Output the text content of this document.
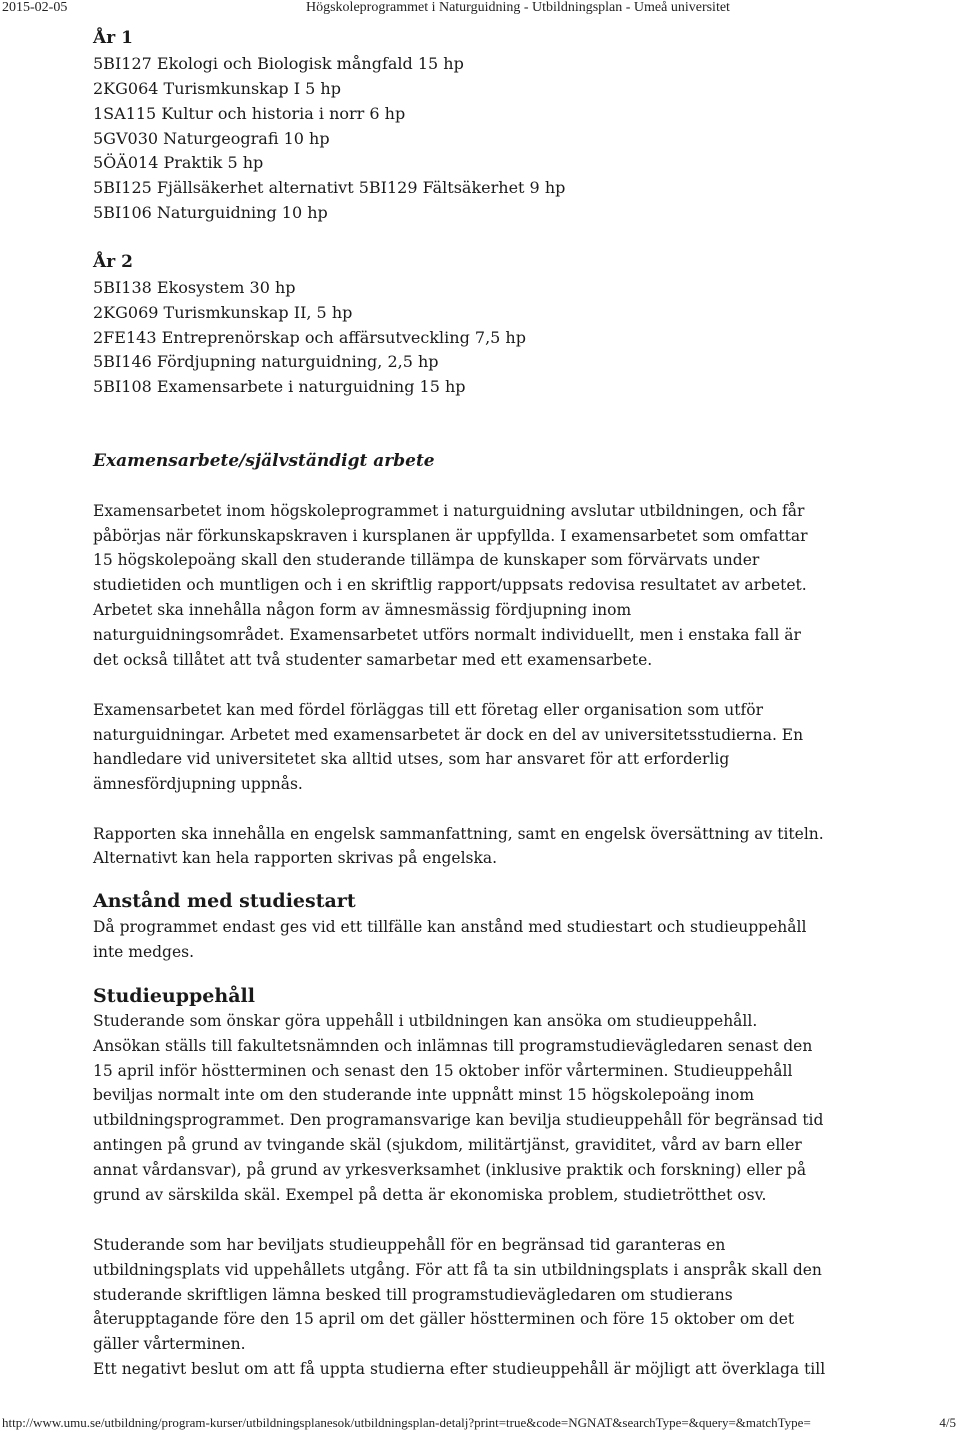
2015-02-05	Högskoleprogrammet i Naturguidning - Utbildningsplan - Umeå universitet
År 1
5BI127 Ekologi och Biologisk mångfald 15 hp
2KG064 Turismkunskap I 5 hp
1SA115 Kultur och historia i norr 6 hp
5GV030 Naturgeografi 10 hp
5ÖÄ014 Praktik 5 hp
5BI125 Fjällsäkerhet alternativt 5BI129 Fältsäkerhet 9 hp
5BI106 Naturguidning 10 hp
År 2
5BI138 Ekosystem 30 hp
2KG069 Turismkunskap II, 5 hp
2FE143 Entreprenörskap och affärsutveckling 7,5 hp
5BI146 Fördjupning naturguidning, 2,5 hp
5BI108 Examensarbete i naturguidning 15 hp
Examensarbete/självständigt arbete
Examensarbetet inom högskoleprogrammet i naturguidning avslutar utbildningen, och får
påbörjas när förkunskapskraven i kursplanen är uppfyllda. I examensarbetet som omfattar
15 högskolepoäng skall den studerande tillämpa de kunskaper som förvärvats under
studietiden och muntligen och i en skriftlig rapport/uppsats redovisa resultatet av arbetet.
Arbetet ska innehålla någon form av ämnesmässig fördjupning inom
naturguidningsområdet. Examensarbetet utförs normalt individuellt, men i enstaka fall är
det också tillåtet att två studenter samarbetar med ett examensarbete.
Examensarbetet kan med fördel förläggas till ett företag eller organisation som utför
naturguidningar. Arbetet med examensarbetet är dock en del av universitetsstudierna. En
handledare vid universitetet ska alltid utses, som har ansvaret för att erforderlig
ämnesfördjupning uppnås.
Rapporten ska innehålla en engelsk sammanfattning, samt en engelsk översättning av titeln.
Alternativt kan hela rapporten skrivas på engelska.
Anstånd med studiestart
Då programmet endast ges vid ett tillfälle kan anstånd med studiestart och studieuppehåll
inte medges.
Studieuppehåll
Studerande som önskar göra uppehåll i utbildningen kan ansöka om studieuppehåll.
Ansökan ställs till fakultetsnämnden och inlämnas till programstudievägledaren senast den
15 april inför höstterminen och senast den 15 oktober inför vårterminen. Studieuppehåll
beviljas normalt inte om den studerande inte uppnått minst 15 högskolepoäng inom
utbildningsprogrammet. Den programansvarige kan bevilja studieuppehåll för begränsad tid
antingen på grund av tvingande skäl (sjukdom, militärtjänst, graviditet, vård av barn eller
annat vårdansvar), på grund av yrkesverksamhet (inklusive praktik och forskning) eller på
grund av särskilda skäl. Exempel på detta är ekonomiska problem, studietrötthet osv.
Studerande som har beviljats studieuppehåll för en begränsad tid garanteras en
utbildningsplats vid uppehållets utgång. För att få ta sin utbildningsplats i anspråk skall den
studerande skriftligen lämna besked till programstudievägledaren om studierans
återupptagande före den 15 april om det gäller höstterminen och före 15 oktober om det
gäller vårterminen.
Ett negativt beslut om att få uppta studierna efter studieuppehåll är möjligt att överklaga till
http://www.umu.se/utbildning/program-kurser/utbildningsplanesok/utbildningsplan-detalj?print=true&code=NGNAT&searchType=&query=&matchType=	4/5
